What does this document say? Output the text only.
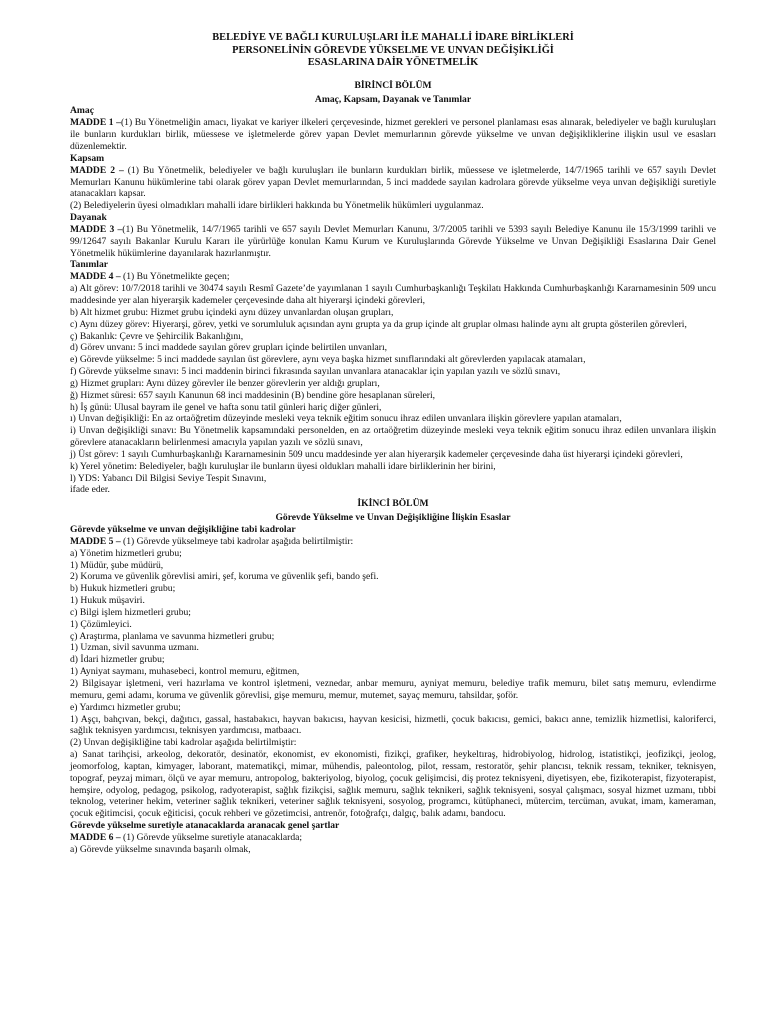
BELEDİYE VE BAĞLI KURULUŞLARI İLE MAHALLİ İDARE BİRLİKLERİ
PERSONELİNİN GÖREVDE YÜKSELME VE UNVAN DEĞİŞİKLİĞİ
ESASLARINA DAİR YÖNETMELİK
BİRİNCİ BÖLÜM
Amaç, Kapsam, Dayanak ve Tanımlar
Amaç

MADDE 1 –(1) Bu Yönetmeliğin amacı, liyakat ve kariyer ilkeleri çerçevesinde, hizmet gerekleri ve personel planlaması esas alınarak, belediyeler ve bağlı kuruluşları ile bunların kurdukları birlik, müessese ve işletmelerde görev yapan Devlet memurlarının görevde yükselme ve unvan değişikliklerine ilişkin usul ve esasları düzenlemektir.

Kapsam

MADDE 2 – (1) Bu Yönetmelik, belediyeler ve bağlı kuruluşları ile bunların kurdukları birlik, müessese ve işletmelerde, 14/7/1965 tarihli ve 657 sayılı Devlet Memurları Kanunu hükümlerine tabi olarak görev yapan Devlet memurlarından, 5 inci maddede sayılan kadrolara görevde yükselme veya unvan değişikliği suretiyle atanacakları kapsar.

(2) Belediyelerin üyesi olmadıkları mahalli idare birlikleri hakkında bu Yönetmelik hükümleri uygulanmaz.

Dayanak

MADDE 3 –(1) Bu Yönetmelik, 14/7/1965 tarihli ve 657 sayılı Devlet Memurları Kanunu, 3/7/2005 tarihli ve 5393 sayılı Belediye Kanunu ile 15/3/1999 tarihli ve 99/12647 sayılı Bakanlar Kurulu Kararı ile yürürlüğe konulan Kamu Kurum ve Kuruluşlarında Görevde Yükselme ve Unvan Değişikliği Esaslarına Dair Genel Yönetmelik hükümlerine dayanılarak hazırlanmıştır.

Tanımlar

MADDE 4 – (1) Bu Yönetmelikte geçen;

a) Alt görev: 10/7/2018 tarihli ve 30474 sayılı Resmî Gazete’de yayımlanan 1 sayılı Cumhurbaşkanlığı Teşkilatı Hakkında Cumhurbaşkanlığı Kararnamesinin 509 uncu maddesinde yer alan hiyerarşik kademeler çerçevesinde daha alt hiyerarşi içindeki görevleri,

b) Alt hizmet grubu: Hizmet grubu içindeki aynı düzey unvanlardan oluşan grupları,

c) Aynı düzey görev: Hiyerarşi, görev, yetki ve sorumluluk açısından aynı grupta ya da grup içinde alt gruplar olması halinde aynı alt grupta gösterilen görevleri,

ç) Bakanlık: Çevre ve Şehircilik Bakanlığını,

d) Görev unvanı: 5 inci maddede sayılan görev grupları içinde belirtilen unvanları,

e) Görevde yükselme: 5 inci maddede sayılan üst görevlere, aynı veya başka hizmet sınıflarındaki alt görevlerden yapılacak atamaları,

f) Görevde yükselme sınavı: 5 inci maddenin birinci fıkrasında sayılan unvanlara atanacaklar için yapılan yazılı ve sözlü sınavı,

g) Hizmet grupları: Aynı düzey görevler ile benzer görevlerin yer aldığı grupları,

ğ) Hizmet süresi: 657 sayılı Kanunun 68 inci maddesinin (B) bendine göre hesaplanan süreleri,

h) İş günü: Ulusal bayram ile genel ve hafta sonu tatil günleri hariç diğer günleri,

ı) Unvan değişikliği: En az ortaöğretim düzeyinde mesleki veya teknik eğitim sonucu ihraz edilen unvanlara ilişkin görevlere yapılan atamaları,

i) Unvan değişikliği sınavı: Bu Yönetmelik kapsamındaki personelden, en az ortaöğretim düzeyinde mesleki veya teknik eğitim sonucu ihraz edilen unvanlara ilişkin görevlere atanacakların belirlenmesi amacıyla yapılan yazılı ve sözlü sınavı,

j) Üst görev: 1 sayılı Cumhurbaşkanlığı Kararnamesinin 509 uncu maddesinde yer alan hiyerarşik kademeler çerçevesinde daha üst hiyerarşi içindeki görevleri,

k) Yerel yönetim: Belediyeler, bağlı kuruluşlar ile bunların üyesi oldukları mahalli idare birliklerinin her birini,

l) YDS: Yabancı Dil Bilgisi Seviye Tespit Sınavını,

ifade eder.

İKİNCİ BÖLÜM
Görevde Yükselme ve Unvan Değişikliğine İlişkin Esaslar
Görevde yükselme ve unvan değişikliğine tabi kadrolar

MADDE 5 – (1) Görevde yükselmeye tabi kadrolar aşağıda belirtilmiştir:

a) Yönetim hizmetleri grubu;

1) Müdür, şube müdürü,

2) Koruma ve güvenlik görevlisi amiri, şef, koruma ve güvenlik şefi, bando şefi.

b) Hukuk hizmetleri grubu;

1) Hukuk müşaviri.

c) Bilgi işlem hizmetleri grubu;

1) Çözümleyici.

ç) Araştırma, planlama ve savunma hizmetleri grubu;

1) Uzman, sivil savunma uzmanı.

d) İdari hizmetler grubu;

1) Ayniyat saymanı, muhasebeci, kontrol memuru, eğitmen,

2) Bilgisayar işletmeni, veri hazırlama ve kontrol işletmeni, veznedar, anbar memuru, ayniyat memuru, belediye trafik memuru, bilet satış memuru, evlendirme memuru, gemi adamı, koruma ve güvenlik görevlisi, gişe memuru, memur, mutemet, sayaç memuru, tahsildar, şoför.

e) Yardımcı hizmetler grubu;

1) Aşçı, bahçıvan, bekçi, dağıtıcı, gassal, hastabakıcı, hayvan bakıcısı, hayvan kesicisi, hizmetli, çocuk bakıcısı, gemici, bakıcı anne, temizlik hizmetlisi, kaloriferci, sağlık teknisyen yardımcısı, teknisyen yardımcısı, matbaacı.

(2) Unvan değişikliğine tabi kadrolar aşağıda belirtilmiştir:

a) Sanat tarihçisi, arkeolog, dekoratör, desinatör, ekonomist, ev ekonomisti, fizikçi, grafiker, heykeltıraş, hidrobiyolog, hidrolog, istatistikçi, jeofizikçi, jeolog, jeomorfolog, kaptan, kimyager, laborant, matematikçi, mimar, mühendis, paleontolog, pilot, ressam, restoratör, şehir plancısı, teknik ressam, tekniker, teknisyen, topograf, peyzaj mimarı, ölçü ve ayar memuru, antropolog, bakteriyolog, biyolog, çocuk gelişimcisi, diş protez teknisyeni, diyetisyen, ebe, fizikoterapist, fizyoterapist, hemşire, odyolog, pedagog, psikolog, radyoterapist, sağlık fizikçisi, sağlık memuru, sağlık teknikeri, sağlık teknisyeni, sosyal çalışmacı, sosyal hizmet uzmanı, tıbbi teknolog, veteriner hekim, veteriner sağlık teknikeri, veteriner sağlık teknisyeni, sosyolog, programcı, kütüphaneci, mütercim, tercüman, avukat, imam, kameraman, çocuk eğitimcisi, çocuk eğiticisi, çocuk rehberi ve gözetimcisi, antrenör, fotoğrafçı, dalgıç, balık adamı, bandocu.

Görevde yükselme suretiyle atanacaklarda aranacak genel şartlar

MADDE 6 – (1) Görevde yükselme suretiyle atanacaklarda;

a) Görevde yükselme sınavında başarılı olmak,
